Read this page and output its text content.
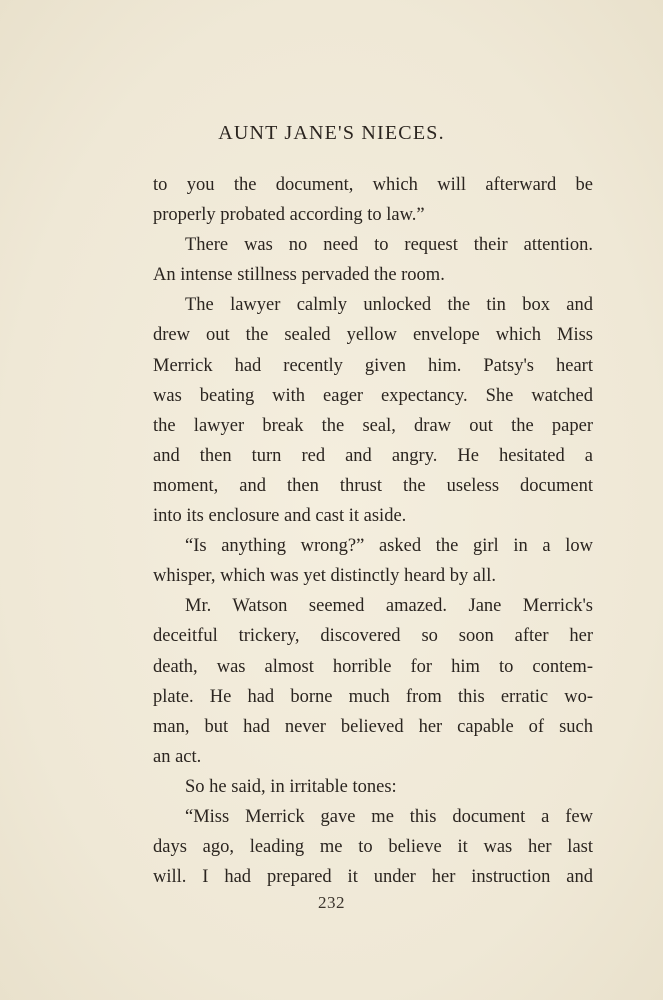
AUNT JANE'S NIECES.
to you the document, which will afterward be
properly probated according to law.”
There was no need to request their attention.
An intense stillness pervaded the room.
The lawyer calmly unlocked the tin box and
drew out the sealed yellow envelope which Miss
Merrick had recently given him. Patsy's heart
was beating with eager expectancy. She watched
the lawyer break the seal, draw out the paper
and then turn red and angry. He hesitated a
moment, and then thrust the useless document
into its enclosure and cast it aside.
“Is anything wrong?” asked the girl in a low
whisper, which was yet distinctly heard by all.
Mr. Watson seemed amazed. Jane Merrick's
deceitful trickery, discovered so soon after her
death, was almost horrible for him to contem-
plate. He had borne much from this erratic wo-
man, but had never believed her capable of such
an act.
So he said, in irritable tones:
“Miss Merrick gave me this document a few
days ago, leading me to believe it was her last
will. I had prepared it under her instruction and
232
